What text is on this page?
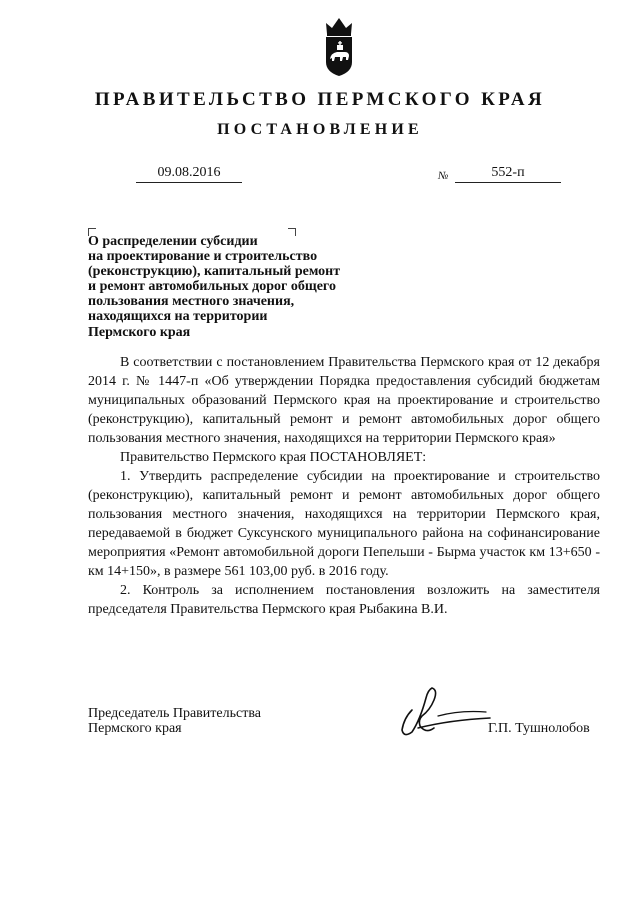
ПРАВИТЕЛЬСТВО ПЕРМСКОГО КРАЯ
ПОСТАНОВЛЕНИЕ
09.08.2016	№	552-п
О распределении субсидии
на проектирование и строительство
(реконструкцию), капитальный ремонт
и ремонт автомобильных дорог общего
пользования местного значения,
находящихся на территории
Пермского края

В соответствии с постановлением Правительства Пермского края от 12 декабря 2014 г. № 1447-п «Об утверждении Порядка предоставления субсидий бюджетам муниципальных образований Пермского края на проектирование и строительство (реконструкцию), капитальный ремонт и ремонт автомобильных дорог общего пользования местного значения, находящихся на территории Пермского края»

Правительство Пермского края ПОСТАНОВЛЯЕТ:

1. Утвердить распределение субсидии на проектирование и строительство (реконструкцию), капитальный ремонт и ремонт автомобильных дорог общего пользования местного значения, находящихся на территории Пермского края, передаваемой в бюджет Суксунского муниципального района на софинансирование мероприятия «Ремонт автомобильной дороги Пепельши - Бырма участок км 13+650 - км 14+150», в размере 561 103,00 руб. в 2016 году.

2. Контроль за исполнением постановления возложить на заместителя председателя Правительства Пермского края Рыбакина В.И.

Председатель Правительства
Пермского края	Г.П. Тушнолобов
